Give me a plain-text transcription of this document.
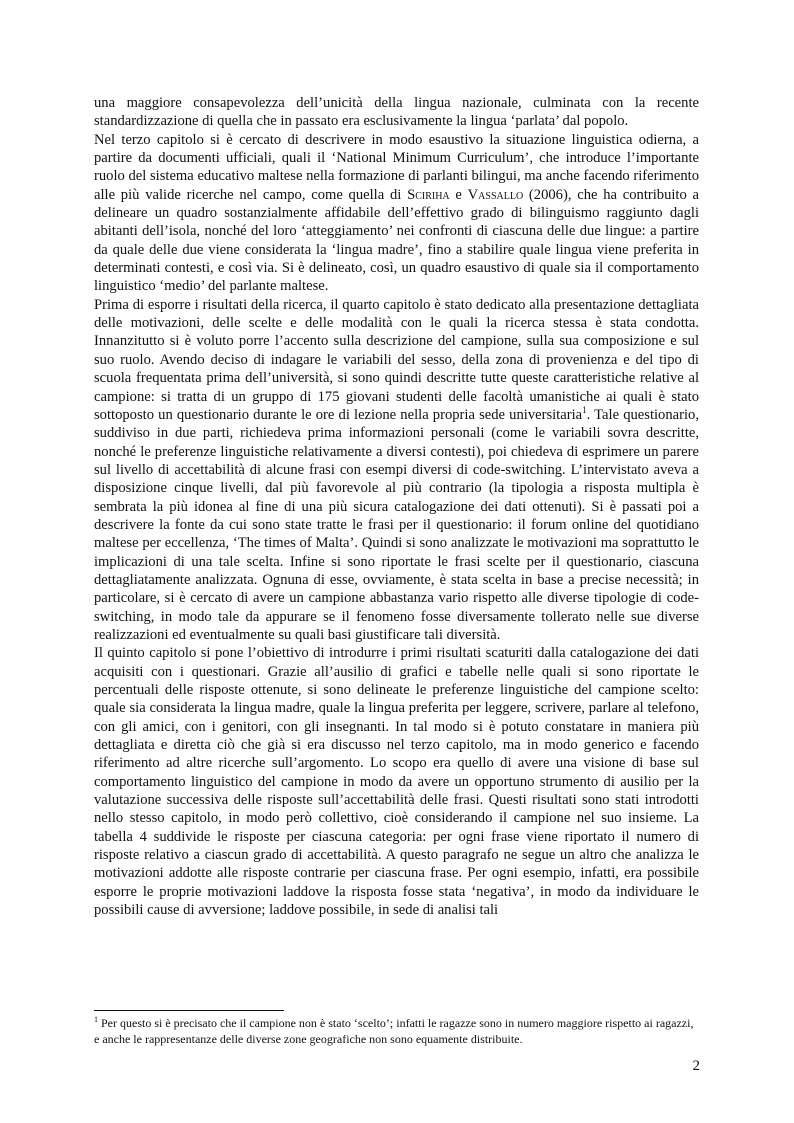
una maggiore consapevolezza dell’unicità della lingua nazionale, culminata con la recente standardizzazione di quella che in passato era esclusivamente la lingua ‘parlata’ dal popolo.

Nel terzo capitolo si è cercato di descrivere in modo esaustivo la situazione linguistica odierna, a partire da documenti ufficiali, quali il ‘National Minimum Curriculum’, che introduce l’importante ruolo del sistema educativo maltese nella formazione di parlanti bilingui, ma anche facendo riferimento alle più valide ricerche nel campo, come quella di Sciriha e Vassallo (2006), che ha contribuito a delineare un quadro sostanzialmente affidabile dell’effettivo grado di bilinguismo raggiunto dagli abitanti dell’isola, nonché del loro ‘atteggiamento’ nei confronti di ciascuna delle due lingue: a partire da quale delle due viene considerata la ‘lingua madre’, fino a stabilire quale lingua viene preferita in determinati contesti, e così via. Si è delineato, così, un quadro esaustivo di quale sia il comportamento linguistico ‘medio’ del parlante maltese.

Prima di esporre i risultati della ricerca, il quarto capitolo è stato dedicato alla presentazione dettagliata delle motivazioni, delle scelte e delle modalità con le quali la ricerca stessa è stata condotta. Innanzitutto si è voluto porre l’accento sulla descrizione del campione, sulla sua composizione e sul suo ruolo. Avendo deciso di indagare le variabili del sesso, della zona di provenienza e del tipo di scuola frequentata prima dell’università, si sono quindi descritte tutte queste caratteristiche relative al campione: si tratta di un gruppo di 175 giovani studenti delle facoltà umanistiche ai quali è stato sottoposto un questionario durante le ore di lezione nella propria sede universitaria$^1$. Tale questionario, suddiviso in due parti, richiedeva prima informazioni personali (come le variabili sovra descritte, nonché le preferenze linguistiche relativamente a diversi contesti), poi chiedeva di esprimere un parere sul livello di accettabilità di alcune frasi con esempi diversi di code-switching. L’intervistato aveva a disposizione cinque livelli, dal più favorevole al più contrario (la tipologia a risposta multipla è sembrata la più idonea al fine di una più sicura catalogazione dei dati ottenuti). Si è passati poi a descrivere la fonte da cui sono state tratte le frasi per il questionario: il forum online del quotidiano maltese per eccellenza, ‘The times of Malta’. Quindi si sono analizzate le motivazioni ma soprattutto le implicazioni di una tale scelta. Infine si sono riportate le frasi scelte per il questionario, ciascuna dettagliatamente analizzata. Ognuna di esse, ovviamente, è stata scelta in base a precise necessità; in particolare, si è cercato di avere un campione abbastanza vario rispetto alle diverse tipologie di code-switching, in modo tale da appurare se il fenomeno fosse diversamente tollerato nelle sue diverse realizzazioni ed eventualmente su quali basi giustificare tali diversità.

Il quinto capitolo si pone l’obiettivo di introdurre i primi risultati scaturiti dalla catalogazione dei dati acquisiti con i questionari. Grazie all’ausilio di grafici e tabelle nelle quali si sono riportate le percentuali delle risposte ottenute, si sono delineate le preferenze linguistiche del campione scelto: quale sia considerata la lingua madre, quale la lingua preferita per leggere, scrivere, parlare al telefono, con gli amici, con i genitori, con gli insegnanti. In tal modo si è potuto constatare in maniera più dettagliata e diretta ciò che già si era discusso nel terzo capitolo, ma in modo generico e facendo riferimento ad altre ricerche sull’argomento. Lo scopo era quello di avere una visione di base sul comportamento linguistico del campione in modo da avere un opportuno strumento di ausilio per la valutazione successiva delle risposte sull’accettabilità delle frasi. Questi risultati sono stati introdotti nello stesso capitolo, in modo però collettivo, cioè considerando il campione nel suo insieme. La tabella 4 suddivide le risposte per ciascuna categoria: per ogni frase viene riportato il numero di risposte relativo a ciascun grado di accettabilità. A questo paragrafo ne segue un altro che analizza le motivazioni addotte alle risposte contrarie per ciascuna frase. Per ogni esempio, infatti, era possibile esporre le proprie motivazioni laddove la risposta fosse stata ‘negativa’, in modo da individuare le possibili cause di avversione; laddove possibile, in sede di analisi tali

$^1$ Per questo si è precisato che il campione non è stato ‘scelto’; infatti le ragazze sono in numero maggiore rispetto ai ragazzi, e anche le rappresentanze delle diverse zone geografiche non sono equamente distribuite.

2
